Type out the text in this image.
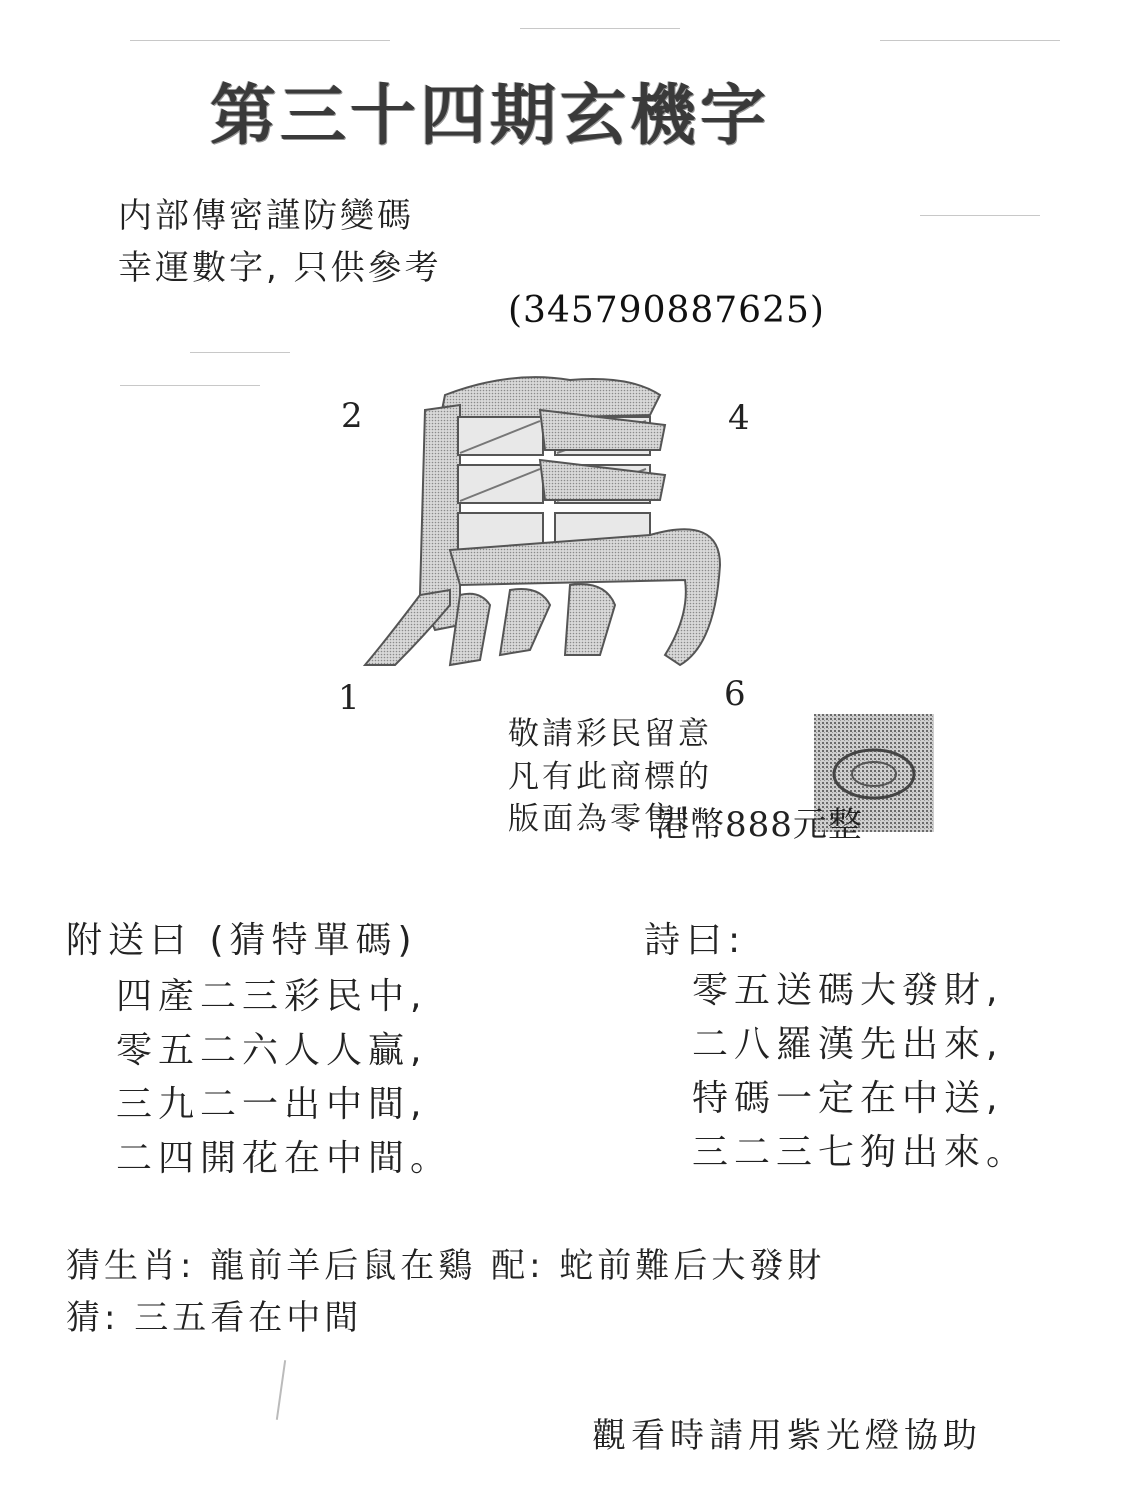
第三十四期玄機字
内部傳密謹防變碼
幸運數字, 只供參考
(345790887625)
2	4
1	6
敬請彩民留意
凡有此商標的
版面為零售!
港幣888元整
附送曰 (猜特單碼)
四產二三彩民中,
零五二六人人贏,
三九二一出中間,
二四開花在中間。
詩曰:
零五送碼大發財,
二八羅漢先出來,
特碼一定在中送,
三二三七狗出來。
猜生肖: 龍前羊后鼠在鷄 配: 蛇前難后大發財
猜: 三五看在中間
觀看時請用紫光燈協助
